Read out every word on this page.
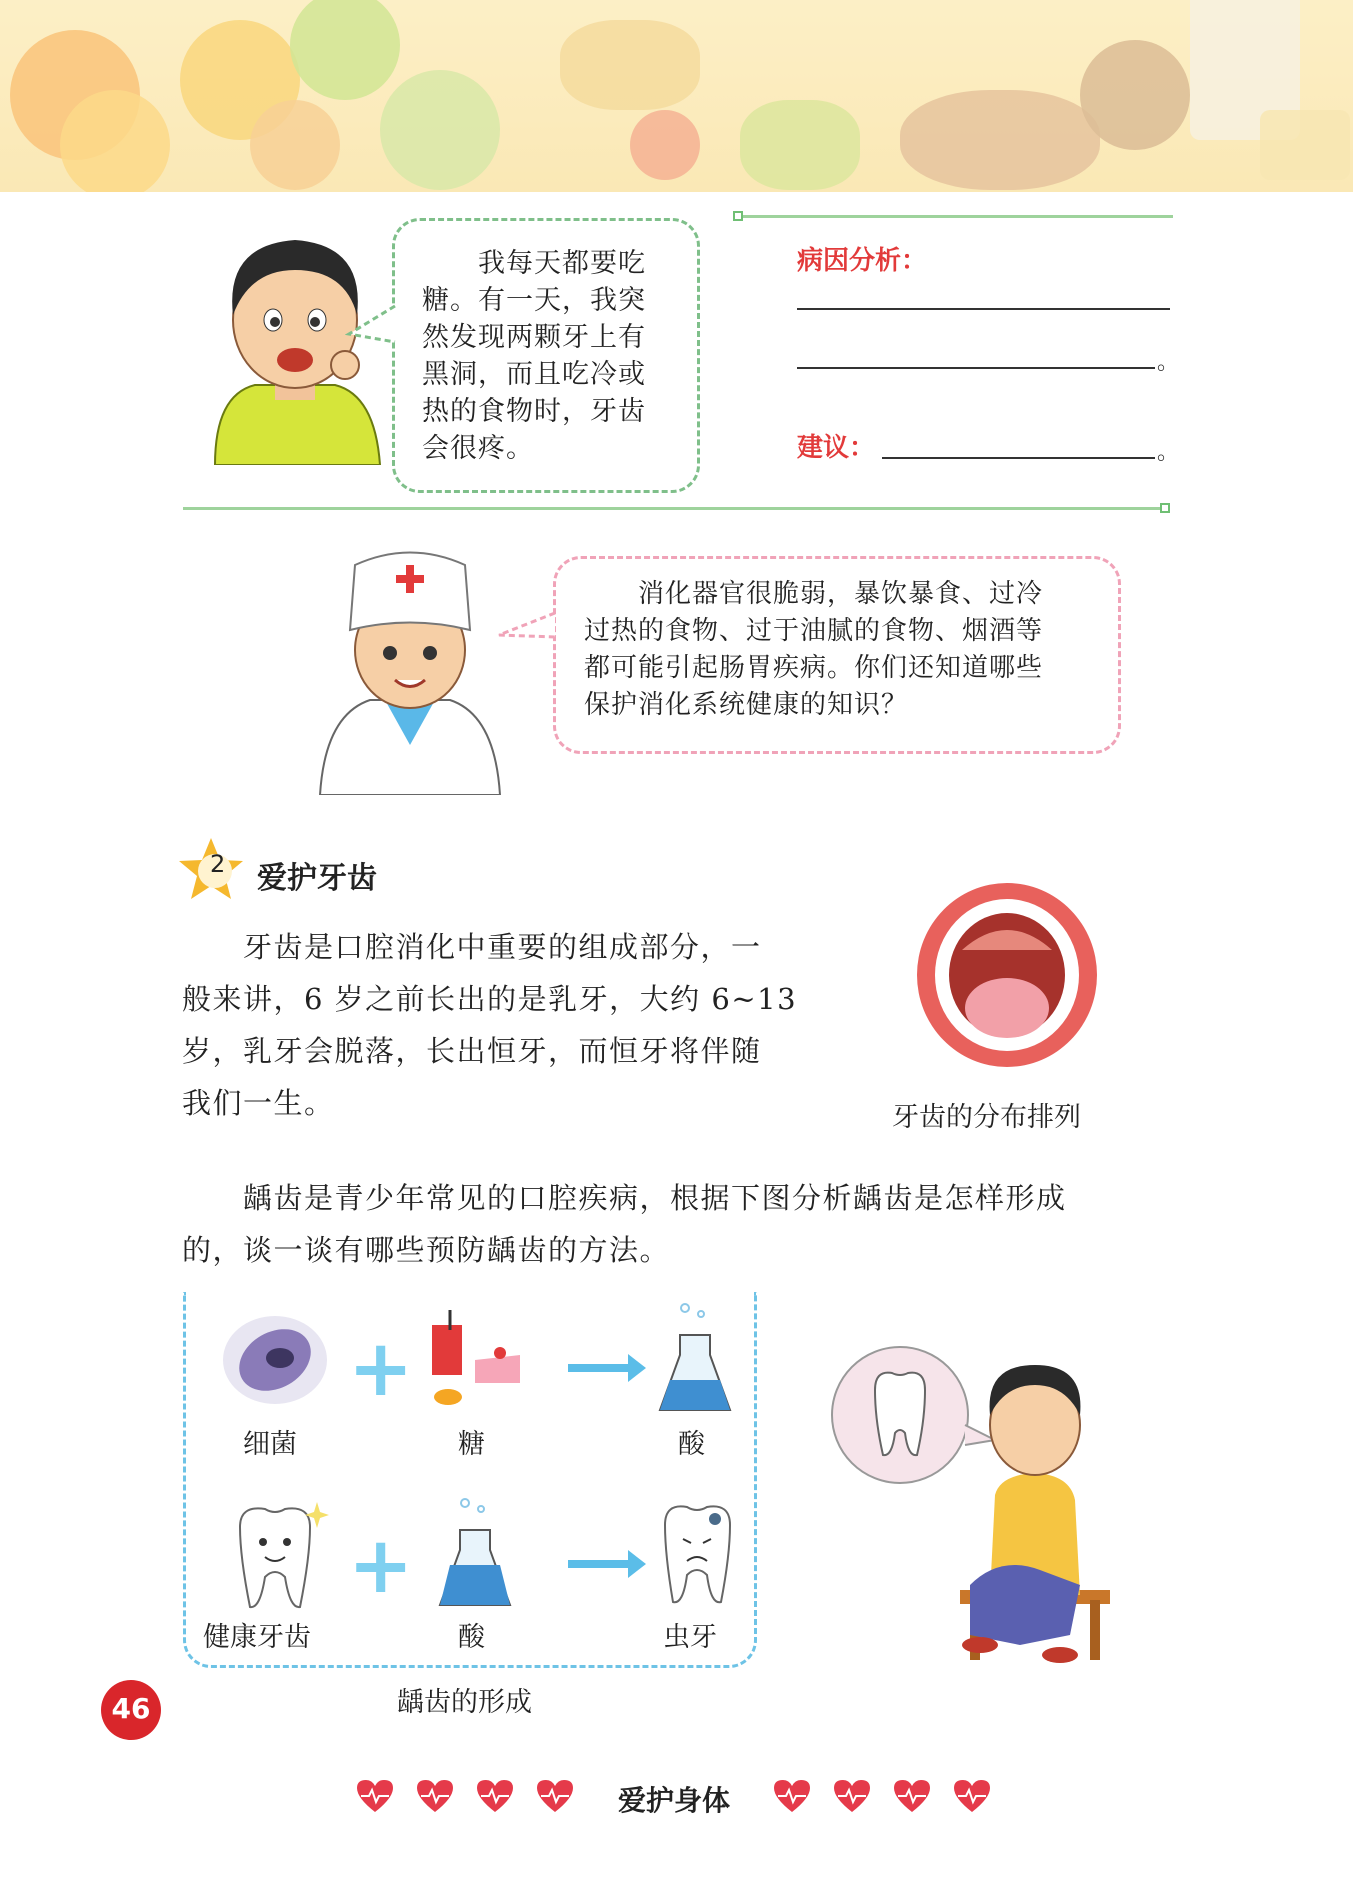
　　我每天都要吃
糖。有一天，我突
然发现两颗牙上有
黑洞，而且吃冷或
热的食物时，牙齿
会很疼。
病因分析：
。
建议：	。
　　消化器官很脆弱，暴饮暴食、过冷
过热的食物、过于油腻的食物、烟酒等
都可能引起肠胃疾病。你们还知道哪些
保护消化系统健康的知识？
2 爱护牙齿
　　牙齿是口腔消化中重要的组成部分，一
般来讲，6 岁之前长出的是乳牙，大约 6~13
岁，乳牙会脱落，长出恒牙，而恒牙将伴随
我们一生。	牙齿的分布排列
　　龋齿是青少年常见的口腔疾病，根据下图分析龋齿是怎样形成
的，谈一谈有哪些预防龋齿的方法。
+
细菌	糖	酸
+
健康牙齿	酸	虫牙
龋齿的形成
46
爱护身体
